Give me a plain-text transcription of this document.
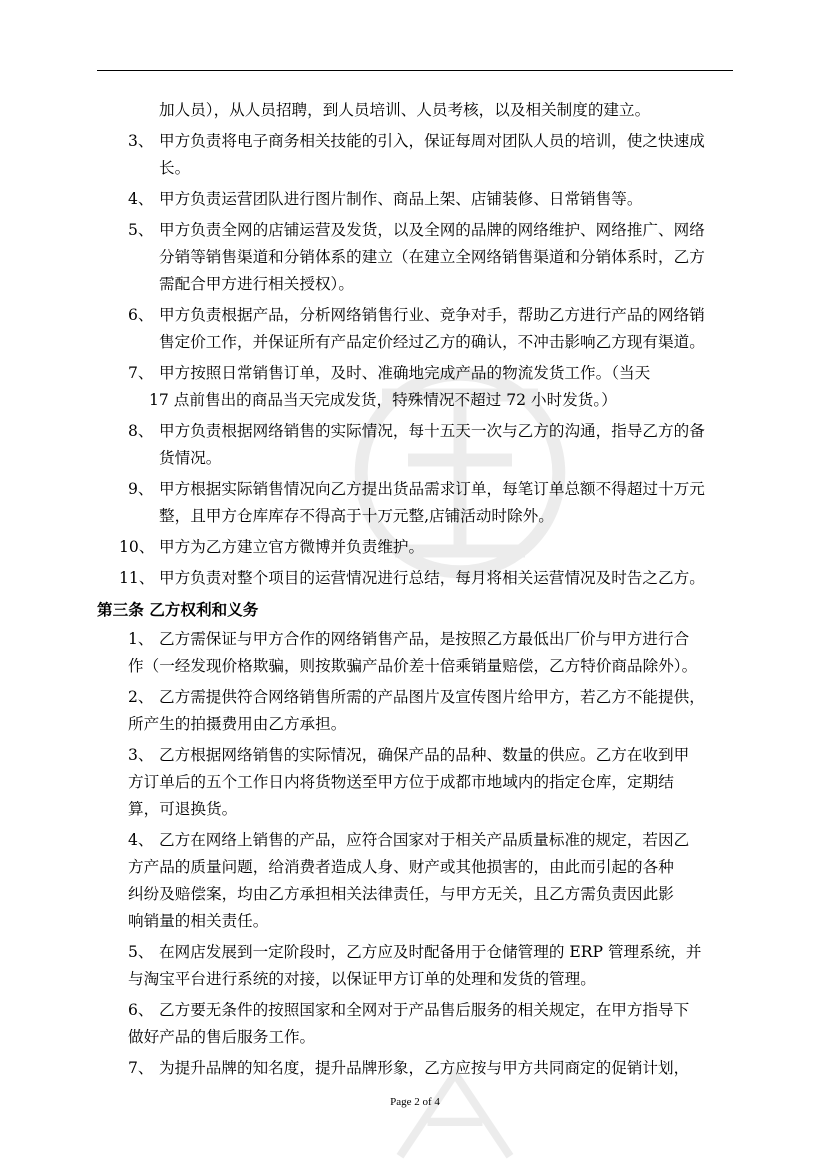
加人员），从人员招聘，到人员培训、人员考核，以及相关制度的建立。
3、 甲方负责将电子商务相关技能的引入，保证每周对团队人员的培训，使之快速成
长。
4、 甲方负责运营团队进行图片制作、商品上架、店铺装修、日常销售等。
5、 甲方负责全网的店铺运营及发货，以及全网的品牌的网络维护、网络推广、网络
分销等销售渠道和分销体系的建立（在建立全网络销售渠道和分销体系时，乙方
需配合甲方进行相关授权）。
6、 甲方负责根据产品，分析网络销售行业、竞争对手，帮助乙方进行产品的网络销
售定价工作，并保证所有产品定价经过乙方的确认，不冲击影响乙方现有渠道。
7、 甲方按照日常销售订单，及时、准确地完成产品的物流发货工作。（当天
17 点前售出的商品当天完成发货，特殊情况不超过 72 小时发货。）
8、 甲方负责根据网络销售的实际情况，每十五天一次与乙方的沟通，指导乙方的备
货情况。
9、 甲方根据实际销售情况向乙方提出货品需求订单，每笔订单总额不得超过十万元
整，且甲方仓库库存不得高于十万元整,店铺活动时除外。
10、 甲方为乙方建立官方微博并负责维护。
11、 甲方负责对整个项目的运营情况进行总结，每月将相关运营情况及时告之乙方。
第三条 乙方权利和义务
1、 乙方需保证与甲方合作的网络销售产品，是按照乙方最低出厂价与甲方进行合
作（一经发现价格欺骗，则按欺骗产品价差十倍乘销量赔偿，乙方特价商品除外）。
2、 乙方需提供符合网络销售所需的产品图片及宣传图片给甲方，若乙方不能提供，
所产生的拍摄费用由乙方承担。
3、 乙方根据网络销售的实际情况，确保产品的品种、数量的供应。乙方在收到甲
方订单后的五个工作日内将货物送至甲方位于成都市地域内的指定仓库，定期结
算，可退换货。
4、 乙方在网络上销售的产品，应符合国家对于相关产品质量标准的规定，若因乙
方产品的质量问题，给消费者造成人身、财产或其他损害的，由此而引起的各种
纠纷及赔偿案，均由乙方承担相关法律责任，与甲方无关，且乙方需负责因此影
响销量的相关责任。
5、 在网店发展到一定阶段时，乙方应及时配备用于仓储管理的 ERP 管理系统，并
与淘宝平台进行系统的对接，以保证甲方订单的处理和发货的管理。
6、 乙方要无条件的按照国家和全网对于产品售后服务的相关规定，在甲方指导下
做好产品的售后服务工作。
7、 为提升品牌的知名度，提升品牌形象，乙方应按与甲方共同商定的促销计划，
Page 2 of 4
